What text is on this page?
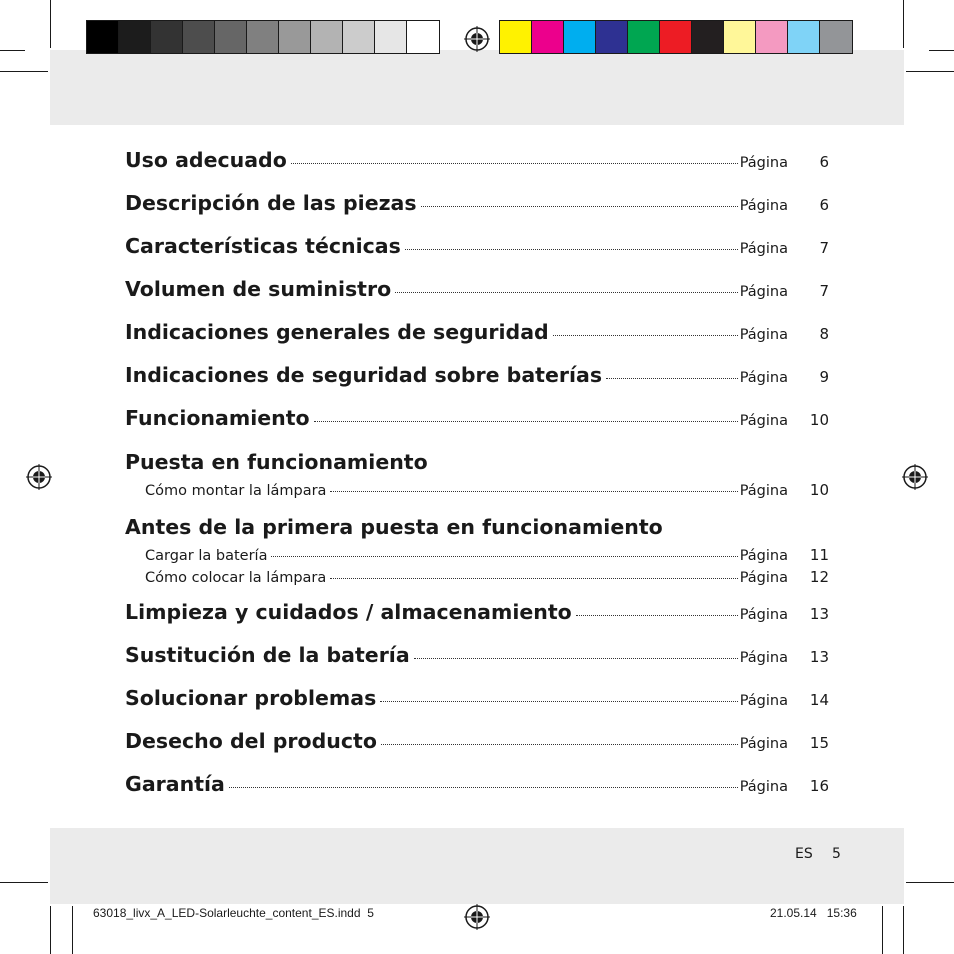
Uso adecuado	Página	6
Descripción de las piezas	Página	6
Características técnicas	Página	7
Volumen de suministro	Página	7
Indicaciones generales de seguridad	Página	8
Indicaciones de seguridad sobre baterías	Página	9
Funcionamiento	Página	10
Puesta en funcionamiento
Cómo montar la lámpara	Página	10
Antes de la primera puesta en funcionamiento
Cargar la batería	Página	11
Cómo colocar la lámpara	Página	12
Limpieza y cuidados / almacenamiento	Página	13
Sustitución de la batería	Página	13
Solucionar problemas	Página	14
Desecho del producto	Página	15
Garantía	Página	16
ES 5
63018_livx_A_LED-Solarleuchte_content_ES.indd 5	21.05.14 15:36
